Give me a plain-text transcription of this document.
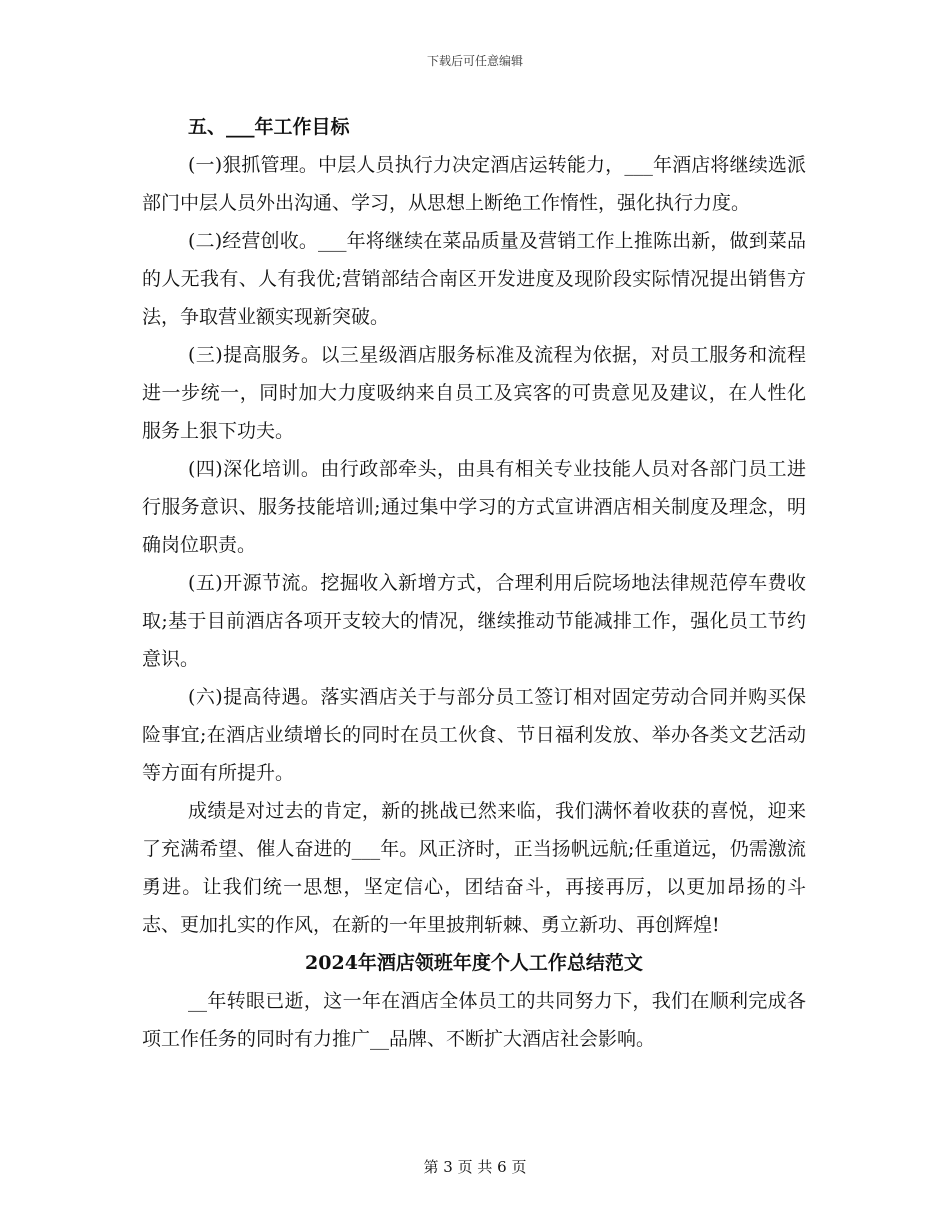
下载后可任意编辑
五、___年工作目标

(一)狠抓管理。中层人员执行力决定酒店运转能力，___年酒店将继续选派部门中层人员外出沟通、学习，从思想上断绝工作惰性，强化执行力度。

(二)经营创收。___年将继续在菜品质量及营销工作上推陈出新，做到菜品的人无我有、人有我优;营销部结合南区开发进度及现阶段实际情况提出销售方法，争取营业额实现新突破。

(三)提高服务。以三星级酒店服务标准及流程为依据，对员工服务和流程进一步统一，同时加大力度吸纳来自员工及宾客的可贵意见及建议，在人性化服务上狠下功夫。

(四)深化培训。由行政部牵头，由具有相关专业技能人员对各部门员工进行服务意识、服务技能培训;通过集中学习的方式宣讲酒店相关制度及理念，明确岗位职责。

(五)开源节流。挖掘收入新增方式，合理利用后院场地法律规范停车费收取;基于目前酒店各项开支较大的情况，继续推动节能减排工作，强化员工节约意识。

(六)提高待遇。落实酒店关于与部分员工签订相对固定劳动合同并购买保险事宜;在酒店业绩增长的同时在员工伙食、节日福利发放、举办各类文艺活动等方面有所提升。

成绩是对过去的肯定，新的挑战已然来临，我们满怀着收获的喜悦，迎来了充满希望、催人奋进的___年。风正济时，正当扬帆远航;任重道远，仍需激流勇进。让我们统一思想，坚定信心，团结奋斗，再接再厉，以更加昂扬的斗志、更加扎实的作风，在新的一年里披荆斩棘、勇立新功、再创辉煌!

2024年酒店领班年度个人工作总结范文

__年转眼已逝，这一年在酒店全体员工的共同努力下，我们在顺利完成各项工作任务的同时有力推广__品牌、不断扩大酒店社会影响。

第 3 页 共 6 页
